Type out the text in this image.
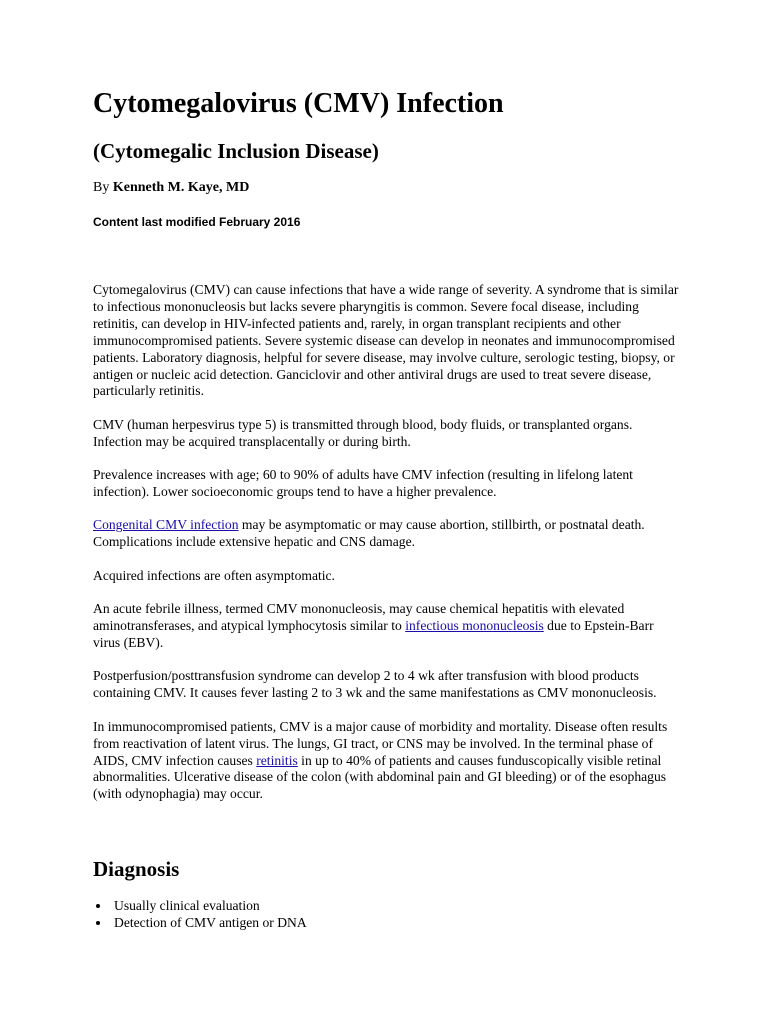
Cytomegalovirus (CMV) Infection
(Cytomegalic Inclusion Disease)
By Kenneth M. Kaye, MD
Content last modified February 2016

Cytomegalovirus (CMV) can cause infections that have a wide range of severity. A syndrome that is similar to infectious mononucleosis but lacks severe pharyngitis is common. Severe focal disease, including retinitis, can develop in HIV-infected patients and, rarely, in organ transplant recipients and other immunocompromised patients. Severe systemic disease can develop in neonates and immunocompromised patients. Laboratory diagnosis, helpful for severe disease, may involve culture, serologic testing, biopsy, or antigen or nucleic acid detection. Ganciclovir and other antiviral drugs are used to treat severe disease, particularly retinitis.

CMV (human herpesvirus type 5) is transmitted through blood, body fluids, or transplanted organs. Infection may be acquired transplacentally or during birth.

Prevalence increases with age; 60 to 90% of adults have CMV infection (resulting in lifelong latent infection). Lower socioeconomic groups tend to have a higher prevalence.

Congenital CMV infection may be asymptomatic or may cause abortion, stillbirth, or postnatal death. Complications include extensive hepatic and CNS damage.

Acquired infections are often asymptomatic.

An acute febrile illness, termed CMV mononucleosis, may cause chemical hepatitis with elevated aminotransferases, and atypical lymphocytosis similar to infectious mononucleosis due to Epstein-Barr virus (EBV).

Postperfusion/posttransfusion syndrome can develop 2 to 4 wk after transfusion with blood products containing CMV. It causes fever lasting 2 to 3 wk and the same manifestations as CMV mononucleosis.

In immunocompromised patients, CMV is a major cause of morbidity and mortality. Disease often results from reactivation of latent virus. The lungs, GI tract, or CNS may be involved. In the terminal phase of AIDS, CMV infection causes retinitis in up to 40% of patients and causes funduscopically visible retinal abnormalities. Ulcerative disease of the colon (with abdominal pain and GI bleeding) or of the esophagus (with odynophagia) may occur.

Diagnosis
Usually clinical evaluation
Detection of CMV antigen or DNA
